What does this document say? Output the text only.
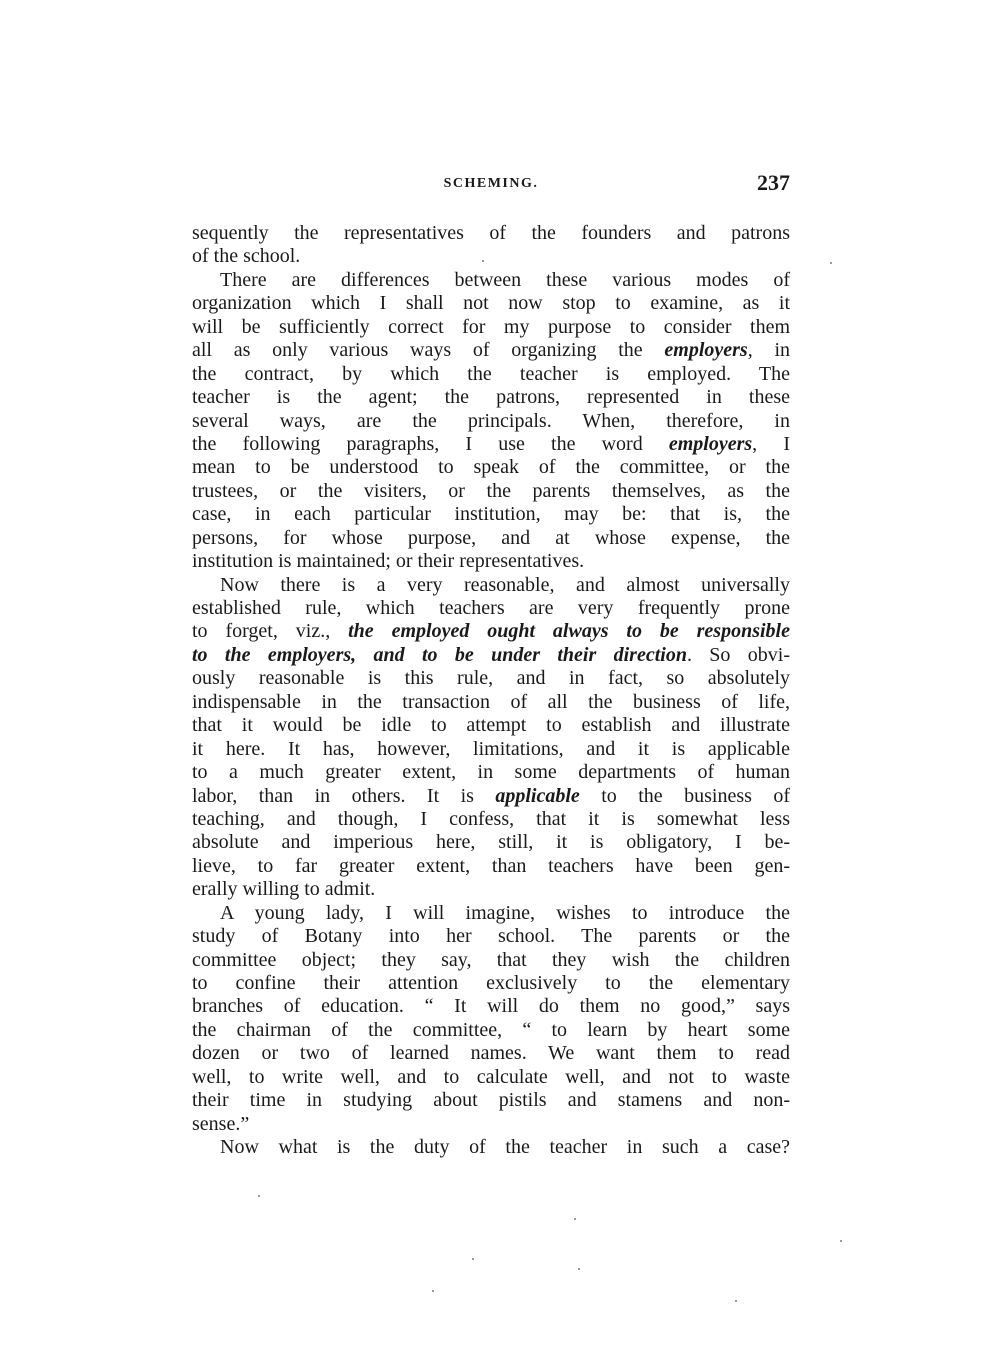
SCHEMING.	237
sequently the representatives of the founders and patrons
of the school.
There are differences between these various modes of
organization which I shall not now stop to examine, as it
will be sufficiently correct for my purpose to consider them
all as only various ways of organizing the employers, in
the contract, by which the teacher is employed. The
teacher is the agent; the patrons, represented in these
several ways, are the principals. When, therefore, in
the following paragraphs, I use the word employers, I
mean to be understood to speak of the committee, or the
trustees, or the visiters, or the parents themselves, as the
case, in each particular institution, may be: that is, the
persons, for whose purpose, and at whose expense, the
institution is maintained; or their representatives.
Now there is a very reasonable, and almost universally
established rule, which teachers are very frequently prone
to forget, viz., the employed ought always to be responsible
to the employers, and to be under their direction. So obvi-
ously reasonable is this rule, and in fact, so absolutely
indispensable in the transaction of all the business of life,
that it would be idle to attempt to establish and illustrate
it here. It has, however, limitations, and it is applicable
to a much greater extent, in some departments of human
labor, than in others. It is applicable to the business of
teaching, and though, I confess, that it is somewhat less
absolute and imperious here, still, it is obligatory, I be-
lieve, to far greater extent, than teachers have been gen-
erally willing to admit.
A young lady, I will imagine, wishes to introduce the
study of Botany into her school. The parents or the
committee object; they say, that they wish the children
to confine their attention exclusively to the elementary
branches of education. “ It will do them no good,” says
the chairman of the committee, “ to learn by heart some
dozen or two of learned names. We want them to read
well, to write well, and to calculate well, and not to waste
their time in studying about pistils and stamens and non-
sense.”
Now what is the duty of the teacher in such a case?
